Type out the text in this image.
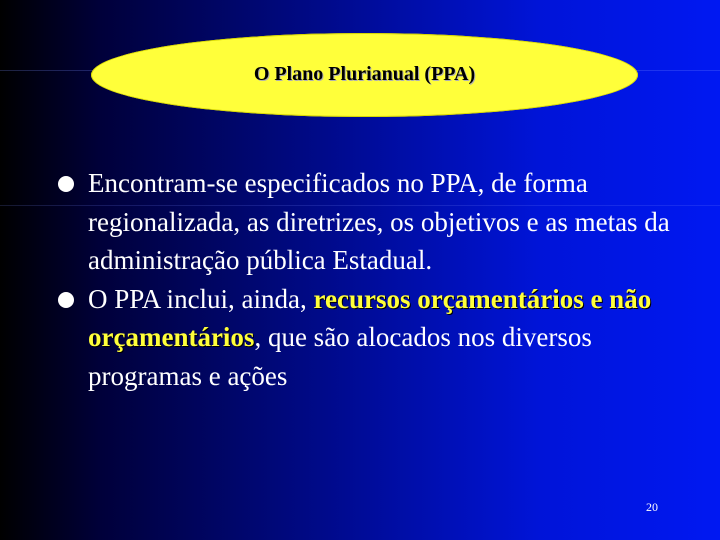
O Plano Plurianual (PPA)
Encontram-se especificados no PPA, de forma regionalizada, as diretrizes, os objetivos e as metas da administração pública Estadual.
O PPA inclui, ainda, recursos orçamentários e não orçamentários, que são alocados nos diversos programas e ações
20
